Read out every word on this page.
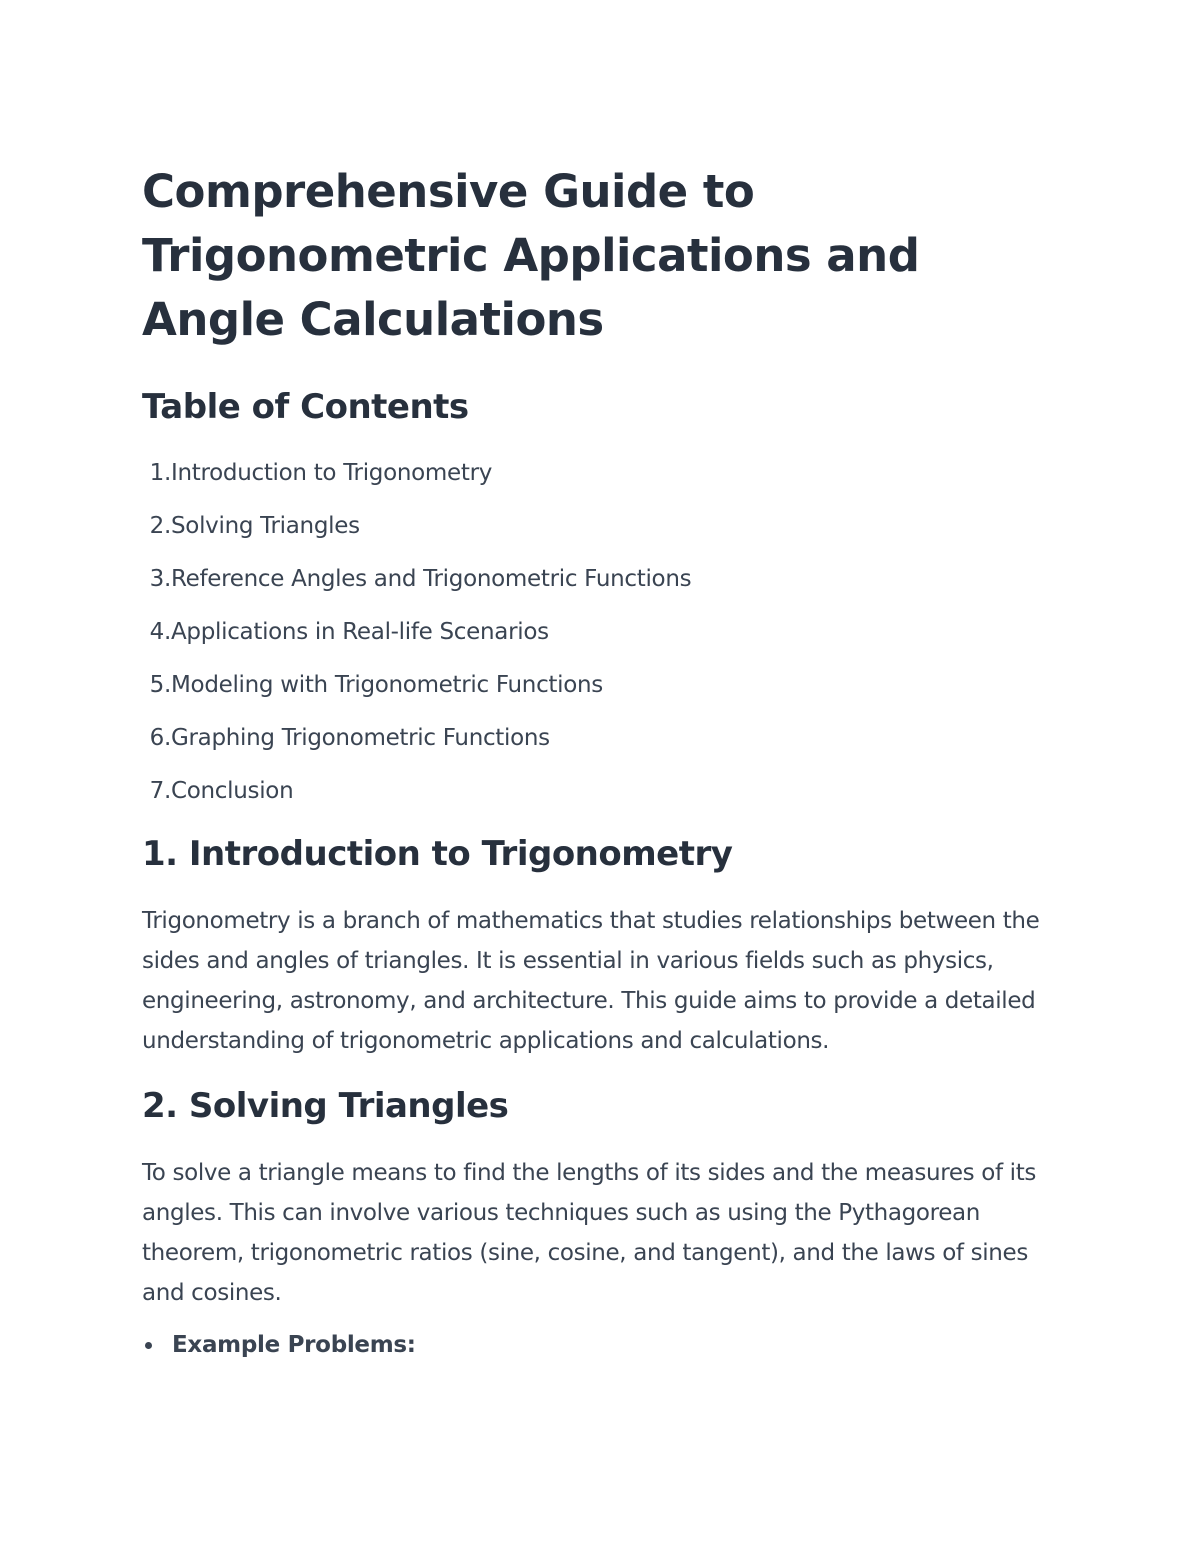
Comprehensive Guide to Trigonometric Applications and Angle Calculations
Table of Contents
1. Introduction to Trigonometry
2. Solving Triangles
3. Reference Angles and Trigonometric Functions
4. Applications in Real-life Scenarios
5. Modeling with Trigonometric Functions
6. Graphing Trigonometric Functions
7. Conclusion
1. Introduction to Trigonometry

Trigonometry is a branch of mathematics that studies relationships between the sides and angles of triangles. It is essential in various fields such as physics, engineering, astronomy, and architecture. This guide aims to provide a detailed understanding of trigonometric applications and calculations.

2. Solving Triangles

To solve a triangle means to find the lengths of its sides and the measures of its angles. This can involve various techniques such as using the Pythagorean theorem, trigonometric ratios (sine, cosine, and tangent), and the laws of sines and cosines.

Example Problems:
